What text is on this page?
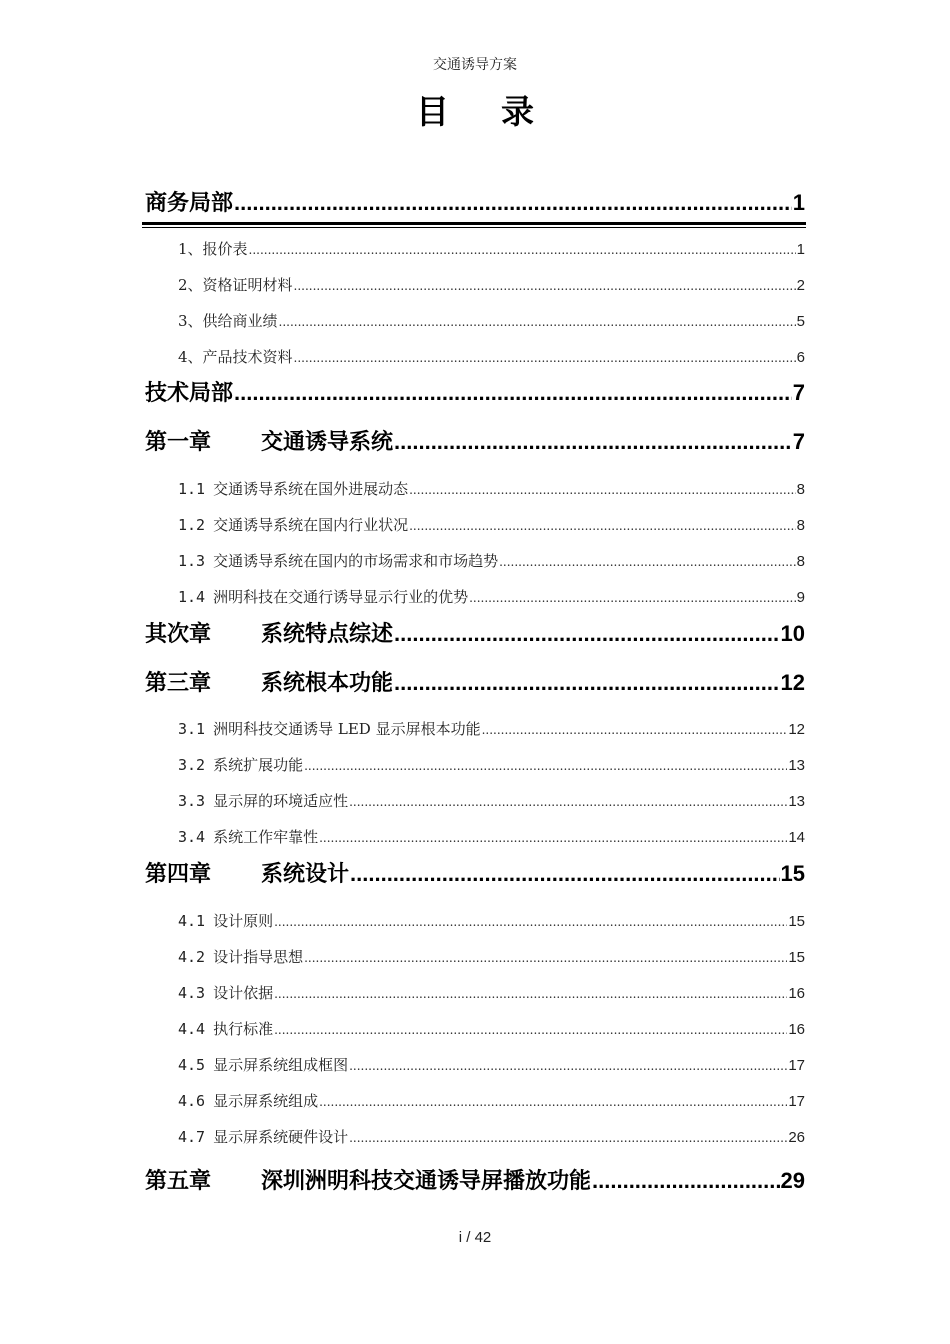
交通诱导方案
目录
商务局部 .....	1
1、报价表 .....	1
2、资格证明材料 .....	2
3、供给商业绩 .....	5
4、产品技术资料 .....	6
技术局部 .....	7
第一章 交通诱导系统 .....	7
1.1 交通诱导系统在国外进展动态 .....	8
1.2 交通诱导系统在国内行业状况 .....	8
1.3 交通诱导系统在国内的市场需求和市场趋势 .....	8
1.4 洲明科技在交通行诱导显示行业的优势 .....	9
其次章 系统特点综述 .....	10
第三章 系统根本功能 .....	12
3.1 洲明科技交通诱导 LED 显示屏根本功能 .....	12
3.2 系统扩展功能 .....	13
3.3 显示屏的环境适应性 .....	13
3.4 系统工作牢靠性 .....	14
第四章 系统设计 .....	15
4.1 设计原则 .....	15
4.2 设计指导思想 .....	15
4.3 设计依据 .....	16
4.4 执行标准 .....	16
4.5 显示屏系统组成框图 .....	17
4.6 显示屏系统组成 .....	17
4.7 显示屏系统硬件设计 .....	26
第五章 深圳洲明科技交通诱导屏播放功能 .....	29
i / 42
